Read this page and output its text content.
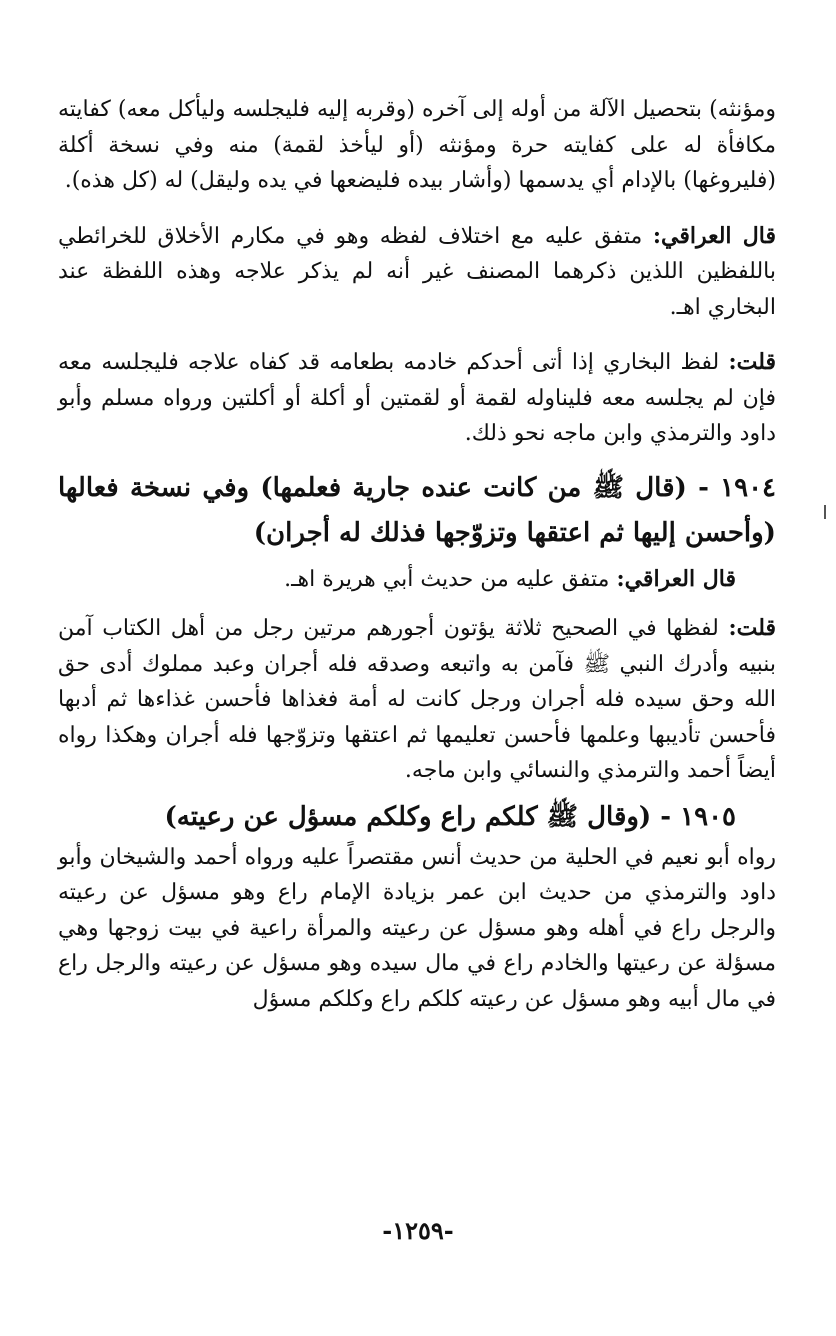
ومؤنثه) بتحصيل الآلة من أوله إلى آخره (وقربه إليه فليجلسه وليأكل معه) كفايته مكافأة له على كفايته حرة ومؤنثه (أو ليأخذ لقمة) منه وفي نسخة أكلة (فليروغها) بالإدام أي يدسمها (وأشار بيده فليضعها في يده وليقل) له (كل هذه).

قال العراقي: متفق عليه مع اختلاف لفظه وهو في مكارم الأخلاق للخرائطي باللفظين اللذين ذكرهما المصنف غير أنه لم يذكر علاجه وهذه اللفظة عند البخاري اهـ.

قلت: لفظ البخاري إذا أتى أحدكم خادمه بطعامه قد كفاه علاجه فليجلسه معه فإن لم يجلسه معه فليناوله لقمة أو لقمتين أو أكلة أو أكلتين ورواه مسلم وأبو داود والترمذي وابن ماجه نحو ذلك.

١٩٠٤ - (قال ﷺ من كانت عنده جارية فعلمها) وفي نسخة فعالها (وأحسن إليها ثم اعتقها وتزوّجها فذلك له أجران)

قال العراقي: متفق عليه من حديث أبي هريرة اهـ.

قلت: لفظها في الصحيح ثلاثة يؤتون أجورهم مرتين رجل من أهل الكتاب آمن بنبيه وأدرك النبي ﷺ فآمن به واتبعه وصدقه فله أجران وعبد مملوك أدى حق الله وحق سيده فله أجران ورجل كانت له أمة فغذاها فأحسن غذاءها ثم أدبها فأحسن تأديبها وعلمها فأحسن تعليمها ثم اعتقها وتزوّجها فله أجران وهكذا رواه أيضاً أحمد والترمذي والنسائي وابن ماجه.

١٩٠٥ - (وقال ﷺ كلكم راع وكلكم مسؤل عن رعيته)

رواه أبو نعيم في الحلية من حديث أنس مقتصراً عليه ورواه أحمد والشيخان وأبو داود والترمذي من حديث ابن عمر بزيادة الإمام راع وهو مسؤل عن رعيته والرجل راع في أهله وهو مسؤل عن رعيته والمرأة راعية في بيت زوجها وهي مسؤلة عن رعيتها والخادم راع في مال سيده وهو مسؤل عن رعيته والرجل راع في مال أبيه وهو مسؤل عن رعيته كلكم راع وكلكم مسؤل

-١٢٥٩-
